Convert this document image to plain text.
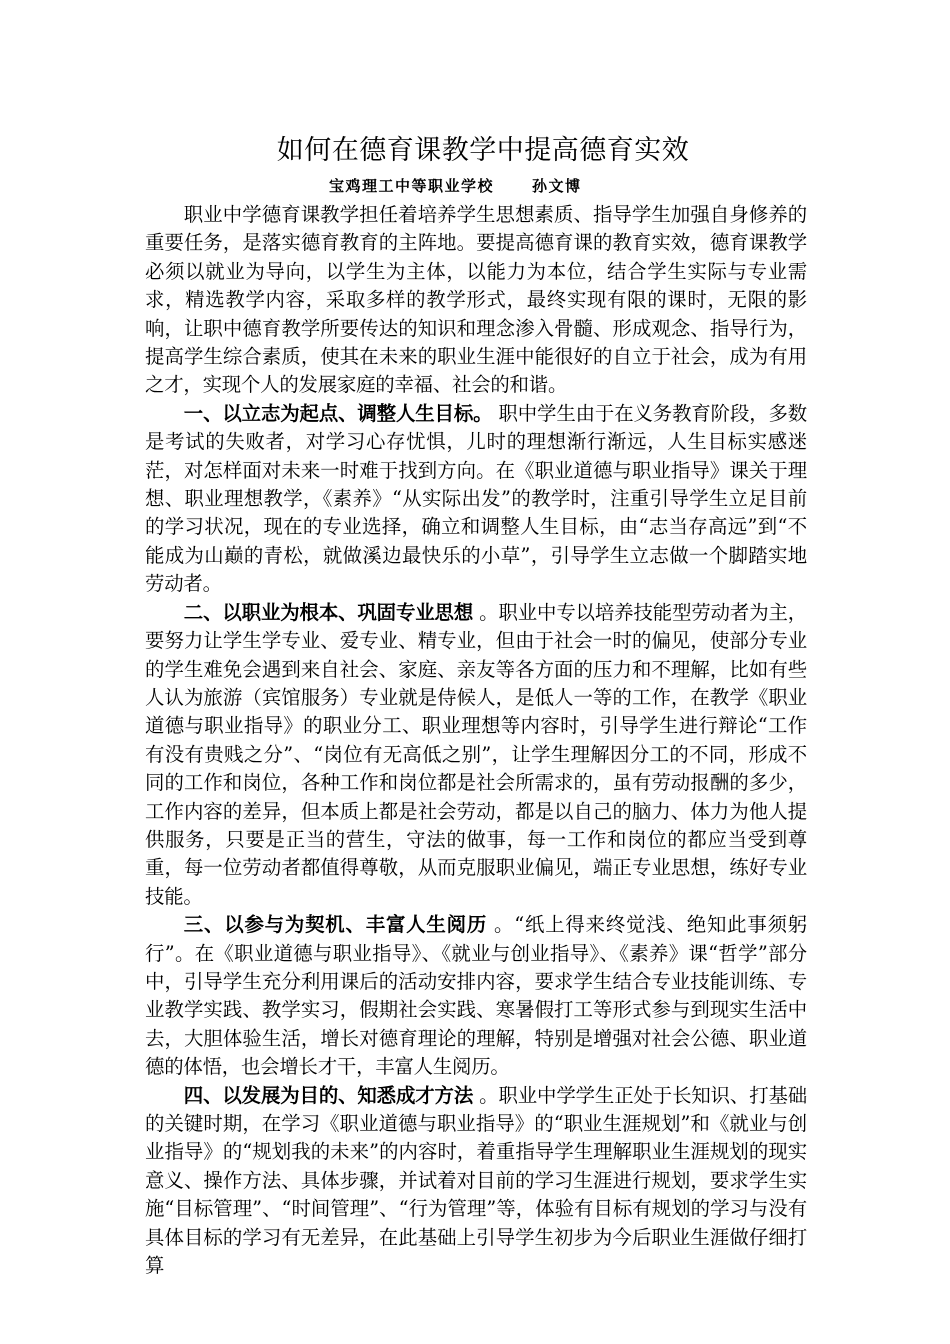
如何在德育课教学中提高德育实效
宝鸡理工中等职业学校	孙文博

职业中学德育课教学担任着培养学生思想素质、指导学生加强自身修养的重要任务，是落实德育教育的主阵地。要提高德育课的教育实效，德育课教学必须以就业为导向，以学生为主体，以能力为本位，结合学生实际与专业需求，精选教学内容，采取多样的教学形式，最终实现有限的课时，无限的影响，让职中德育教学所要传达的知识和理念渗入骨髓、形成观念、指导行为，提高学生综合素质，使其在未来的职业生涯中能很好的自立于社会，成为有用之才，实现个人的发展家庭的幸福、社会的和谐。

一、以立志为起点、调整人生目标。 职中学生由于在义务教育阶段，多数是考试的失败者，对学习心存忧惧，儿时的理想渐行渐远，人生目标实感迷茫，对怎样面对未来一时难于找到方向。在《职业道德与职业指导》课关于理想、职业理想教学，《素养》“从实际出发”的教学时，注重引导学生立足目前的学习状况，现在的专业选择，确立和调整人生目标，由“志当存高远”到“不能成为山巅的青松，就做溪边最快乐的小草”，引导学生立志做一个脚踏实地劳动者。

二、以职业为根本、巩固专业思想 。职业中专以培养技能型劳动者为主，要努力让学生学专业、爱专业、精专业，但由于社会一时的偏见，使部分专业的学生难免会遇到来自社会、家庭、亲友等各方面的压力和不理解，比如有些人认为旅游（宾馆服务）专业就是侍候人，是低人一等的工作，在教学《职业道德与职业指导》的职业分工、职业理想等内容时，引导学生进行辩论“工作有没有贵贱之分”、“岗位有无高低之别”，让学生理解因分工的不同，形成不同的工作和岗位，各种工作和岗位都是社会所需求的，虽有劳动报酬的多少，工作内容的差异，但本质上都是社会劳动，都是以自己的脑力、体力为他人提供服务，只要是正当的营生，守法的做事，每一工作和岗位的都应当受到尊重，每一位劳动者都值得尊敬，从而克服职业偏见，端正专业思想，练好专业技能。

三、以参与为契机、丰富人生阅历 。“纸上得来终觉浅、绝知此事须躬行”。在《职业道德与职业指导》、《就业与创业指导》、《素养》课“哲学”部分中，引导学生充分利用课后的活动安排内容，要求学生结合专业技能训练、专业教学实践、教学实习，假期社会实践、寒暑假打工等形式参与到现实生活中去，大胆体验生活，增长对德育理论的理解，特别是增强对社会公德、职业道德的体悟，也会增长才干，丰富人生阅历。

四、以发展为目的、知悉成才方法 。职业中学学生正处于长知识、打基础的关键时期，在学习《职业道德与职业指导》的“职业生涯规划”和《就业与创业指导》的“规划我的未来”的内容时，着重指导学生理解职业生涯规划的现实意义、操作方法、具体步骤，并试着对目前的学习生涯进行规划，要求学生实施“目标管理”、“时间管理”、“行为管理”等，体验有目标有规划的学习与没有具体目标的学习有无差异，在此基础上引导学生初步为今后职业生涯做仔细打算
